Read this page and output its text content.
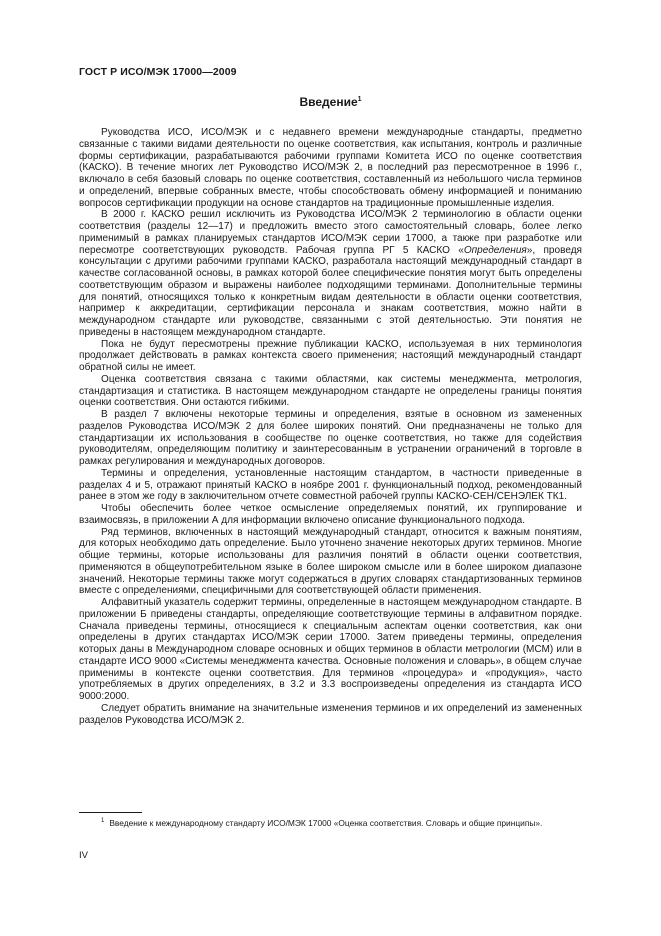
ГОСТ Р ИСО/МЭК 17000—2009
Введение$^1$

Руководства ИСО, ИСО/МЭК и с недавнего времени международные стандарты, предметно связанные с такими видами деятельности по оценке соответствия, как испытания, контроль и различные формы сертификации, разрабатываются рабочими группами Комитета ИСО по оценке соответствия (КАСКО). В течение многих лет Руководство ИСО/МЭК 2, в последний раз пересмотренное в 1996 г., включало в себя базовый словарь по оценке соответствия, составленный из небольшого числа терминов и определений, впервые собранных вместе, чтобы способствовать обмену информацией и пониманию вопросов сертификации продукции на основе стандартов на традиционные промышленные изделия.

В 2000 г. КАСКО решил исключить из Руководства ИСО/МЭК 2 терминологию в области оценки соответствия (разделы 12—17) и предложить вместо этого самостоятельный словарь, более легко применимый в рамках планируемых стандартов ИСО/МЭК серии 17000, а также при разработке или пересмотре соответствующих руководств. Рабочая группа РГ 5 КАСКО «Определения», проведя консультации с другими рабочими группами КАСКО, разработала настоящий международный стандарт в качестве согласованной основы, в рамках которой более специфические понятия могут быть определены соответствующим образом и выражены наиболее подходящими терминами. Дополнительные термины для понятий, относящихся только к конкретным видам деятельности в области оценки соответствия, например к аккредитации, сертификации персонала и знакам соответствия, можно найти в международном стандарте или руководстве, связанными с этой деятельностью. Эти понятия не приведены в настоящем международном стандарте.

Пока не будут пересмотрены прежние публикации КАСКО, используемая в них терминология продолжает действовать в рамках контекста своего применения; настоящий международный стандарт обратной силы не имеет.

Оценка соответствия связана с такими областями, как системы менеджмента, метрология, стандартизация и статистика. В настоящем международном стандарте не определены границы понятия оценки соответствия. Они остаются гибкими.

В раздел 7 включены некоторые термины и определения, взятые в основном из замененных разделов Руководства ИСО/МЭК 2 для более широких понятий. Они предназначены не только для стандартизации их использования в сообществе по оценке соответствия, но также для содействия руководителям, определяющим политику и заинтересованным в устранении ограничений в торговле в рамках регулирования и международных договоров.

Термины и определения, установленные настоящим стандартом, в частности приведенные в разделах 4 и 5, отражают принятый КАСКО в ноябре 2001 г. функциональный подход, рекомендованный ранее в этом же году в заключительном отчете совместной рабочей группы КАСКО-СЕН/СЕНЭЛЕК ТК1.

Чтобы обеспечить более четкое осмысление определяемых понятий, их группирование и взаимосвязь, в приложении А для информации включено описание функционального подхода.

Ряд терминов, включенных в настоящий международный стандарт, относится к важным понятиям, для которых необходимо дать определение. Было уточнено значение некоторых других терминов. Многие общие термины, которые использованы для различия понятий в области оценки соответствия, применяются в общеупотребительном языке в более широком смысле или в более широком диапазоне значений. Некоторые термины также могут содержаться в других словарях стандартизованных терминов вместе с определениями, специфичными для соответствующей области применения.

Алфавитный указатель содержит термины, определенные в настоящем международном стандарте. В приложении Б приведены стандарты, определяющие соответствующие термины в алфавитном порядке. Сначала приведены термины, относящиеся к специальным аспектам оценки соответствия, как они определены в других стандартах ИСО/МЭК серии 17000. Затем приведены термины, определения которых даны в Международном словаре основных и общих терминов в области метрологии (МСМ) или в стандарте ИСО 9000 «Системы менеджмента качества. Основные положения и словарь», в общем случае применимы в контексте оценки соответствия. Для терминов «процедура» и «продукция», часто употребляемых в других определениях, в 3.2 и 3.3 воспроизведены определения из стандарта ИСО 9000:2000.

Следует обратить внимание на значительные изменения терминов и их определений из замененных разделов Руководства ИСО/МЭК 2.

$^1$ Введение к международному стандарту ИСО/МЭК 17000 «Оценка соответствия. Словарь и общие принципы».
IV
